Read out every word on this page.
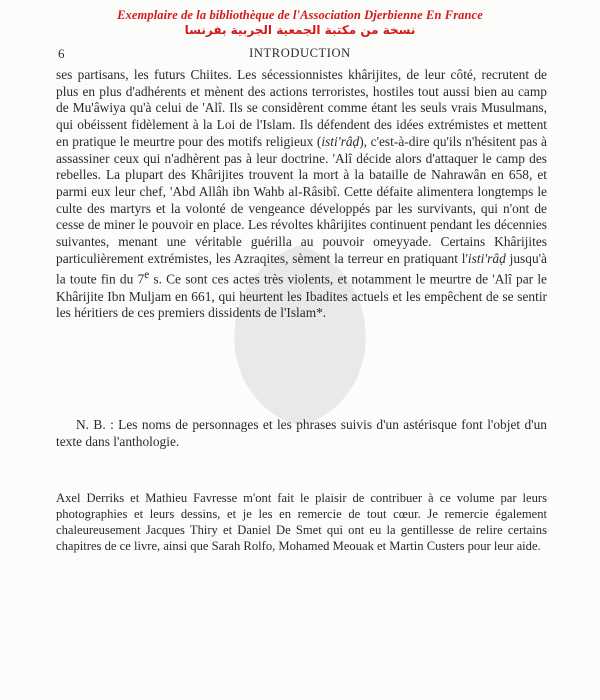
Exemplaire de la bibliothèque de l'Association Djerbienne En France
نسخة من مكتبة الجمعية الجربية بفرنسا
6	INTRODUCTION

ses partisans, les futurs Chiites. Les sécessionnistes khârijites, de leur côté, recrutent de plus en plus d'adhérents et mènent des actions terroristes, hostiles tout aussi bien au camp de Mu'âwiya qu'à celui de 'Alî. Ils se considèrent comme étant les seuls vrais Musulmans, qui obéissent fidèlement à la Loi de l'Islam. Ils défendent des idées extrémistes et mettent en pratique le meurtre pour des motifs religieux (isti'râḍ), c'est-à-dire qu'ils n'hésitent pas à assassiner ceux qui n'adhèrent pas à leur doctrine. 'Alî décide alors d'attaquer le camp des rebelles. La plupart des Khârijites trouvent la mort à la bataille de Nahrawân en 658, et parmi eux leur chef, 'Abd Allâh ibn Wahb al-Râsibî. Cette défaite alimentera longtemps le culte des martyrs et la volonté de vengeance développés par les survivants, qui n'ont de cesse de miner le pouvoir en place. Les révoltes khârijites continuent pendant les décennies suivantes, menant une véritable guérilla au pouvoir omeyyade. Certains Khârijites particulièrement extrémistes, les Azraqites, sèment la terreur en pratiquant l'isti'râḍ jusqu'à la toute fin du 7e s. Ce sont ces actes très violents, et notamment le meurtre de 'Alî par le Khârijite Ibn Muljam en 661, qui heurtent les Ibadites actuels et les empêchent de se sentir les héritiers de ces premiers dissidents de l'Islam*.

N. B. : Les noms de personnages et les phrases suivis d'un astérisque font l'objet d'un texte dans l'anthologie.

Axel Derriks et Mathieu Favresse m'ont fait le plaisir de contribuer à ce volume par leurs photographies et leurs dessins, et je les en remercie de tout cœur. Je remercie également chaleureusement Jacques Thiry et Daniel De Smet qui ont eu la gentillesse de relire certains chapitres de ce livre, ainsi que Sarah Rolfo, Mohamed Meouak et Martin Custers pour leur aide.
